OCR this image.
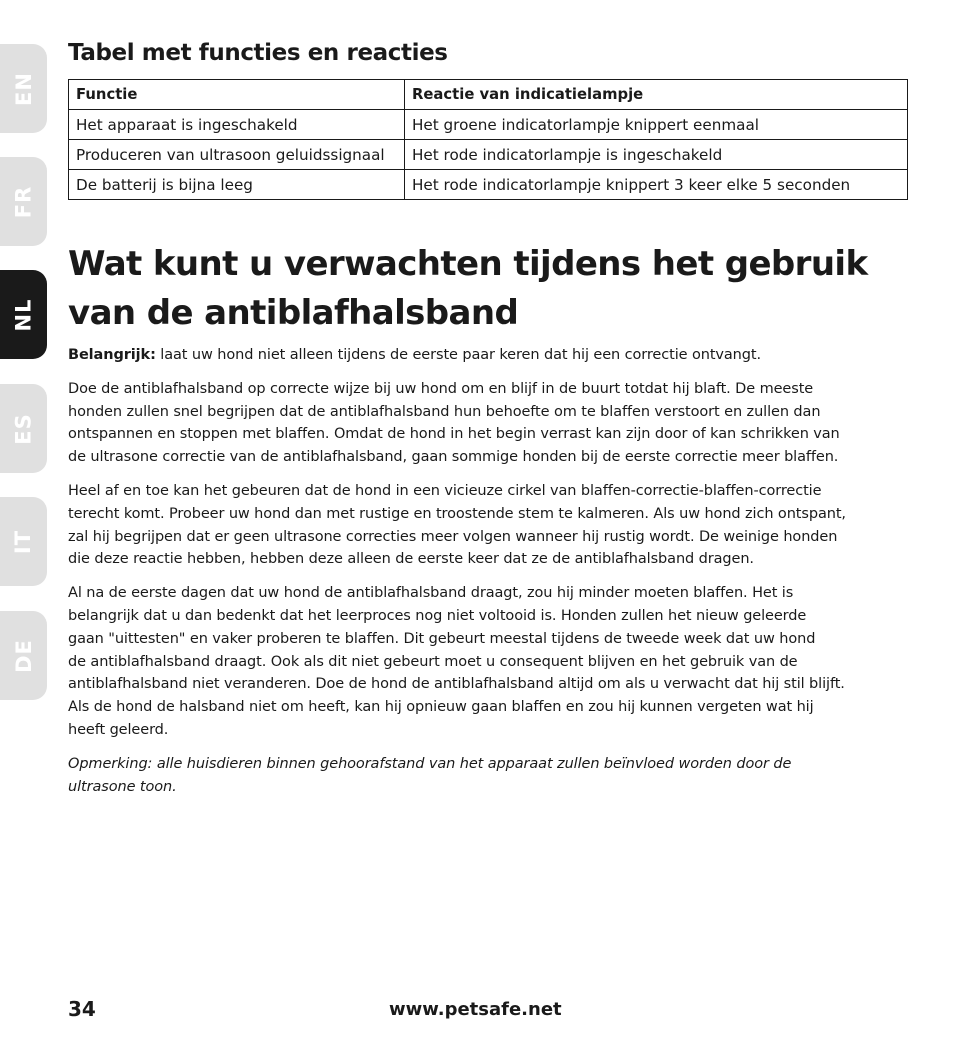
EN
FR
NL
ES
IT
DE
Tabel met functies en reacties
Functie	Reactie van indicatielampje
Het apparaat is ingeschakeld	Het groene indicatorlampje knippert eenmaal
Produceren van ultrasoon geluidssignaal	Het rode indicatorlampje is ingeschakeld
De batterij is bijna leeg	Het rode indicatorlampje knippert 3 keer elke 5 seconden
Wat kunt u verwachten tijdens het gebruik
van de antiblafhalsband

Belangrijk: laat uw hond niet alleen tijdens de eerste paar keren dat hij een correctie ontvangt.

Doe de antiblafhalsband op correcte wijze bij uw hond om en blijf in de buurt totdat hij blaft. De meeste
honden zullen snel begrijpen dat de antiblafhalsband hun behoefte om te blaffen verstoort en zullen dan
ontspannen en stoppen met blaffen. Omdat de hond in het begin verrast kan zijn door of kan schrikken van
de ultrasone correctie van de antiblafhalsband, gaan sommige honden bij de eerste correctie meer blaffen.

Heel af en toe kan het gebeuren dat de hond in een vicieuze cirkel van blaffen-correctie-blaffen-correctie
terecht komt. Probeer uw hond dan met rustige en troostende stem te kalmeren. Als uw hond zich ontspant,
zal hij begrijpen dat er geen ultrasone correcties meer volgen wanneer hij rustig wordt. De weinige honden
die deze reactie hebben, hebben deze alleen de eerste keer dat ze de antiblafhalsband dragen.

Al na de eerste dagen dat uw hond de antiblafhalsband draagt, zou hij minder moeten blaffen. Het is
belangrijk dat u dan bedenkt dat het leerproces nog niet voltooid is. Honden zullen het nieuw geleerde
gaan "uittesten" en vaker proberen te blaffen. Dit gebeurt meestal tijdens de tweede week dat uw hond
de antiblafhalsband draagt. Ook als dit niet gebeurt moet u consequent blijven en het gebruik van de
antiblafhalsband niet veranderen. Doe de hond de antiblafhalsband altijd om als u verwacht dat hij stil blijft.
Als de hond de halsband niet om heeft, kan hij opnieuw gaan blaffen en zou hij kunnen vergeten wat hij
heeft geleerd.

Opmerking: alle huisdieren binnen gehoorafstand van het apparaat zullen beïnvloed worden door de
ultrasone toon.

34	www.petsafe.net
